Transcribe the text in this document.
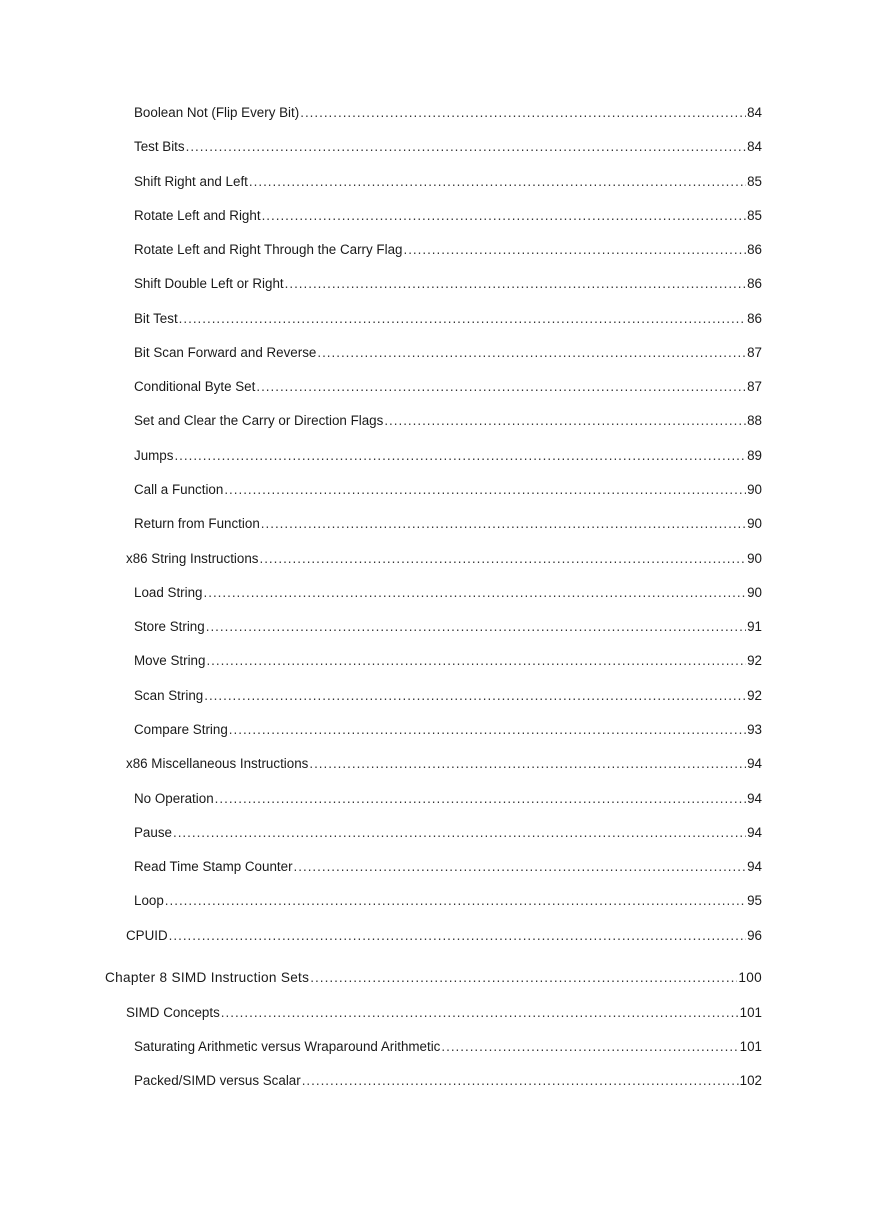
Boolean Not (Flip Every Bit) .....	84
Test Bits .....	84
Shift Right and Left .....	85
Rotate Left and Right .....	85
Rotate Left and Right Through the Carry Flag .....	86
Shift Double Left or Right .....	86
Bit Test .....	86
Bit Scan Forward and Reverse .....	87
Conditional Byte Set .....	87
Set and Clear the Carry or Direction Flags .....	88
Jumps .....	89
Call a Function .....	90
Return from Function .....	90
x86 String Instructions .....	90
Load String .....	90
Store String .....	91
Move String .....	92
Scan String .....	92
Compare String .....	93
x86 Miscellaneous Instructions .....	94
No Operation .....	94
Pause .....	94
Read Time Stamp Counter .....	94
Loop .....	95
CPUID .....	96
Chapter 8 SIMD Instruction Sets .....	100
SIMD Concepts .....	101
Saturating Arithmetic versus Wraparound Arithmetic .....	101
Packed/SIMD versus Scalar .....	102
